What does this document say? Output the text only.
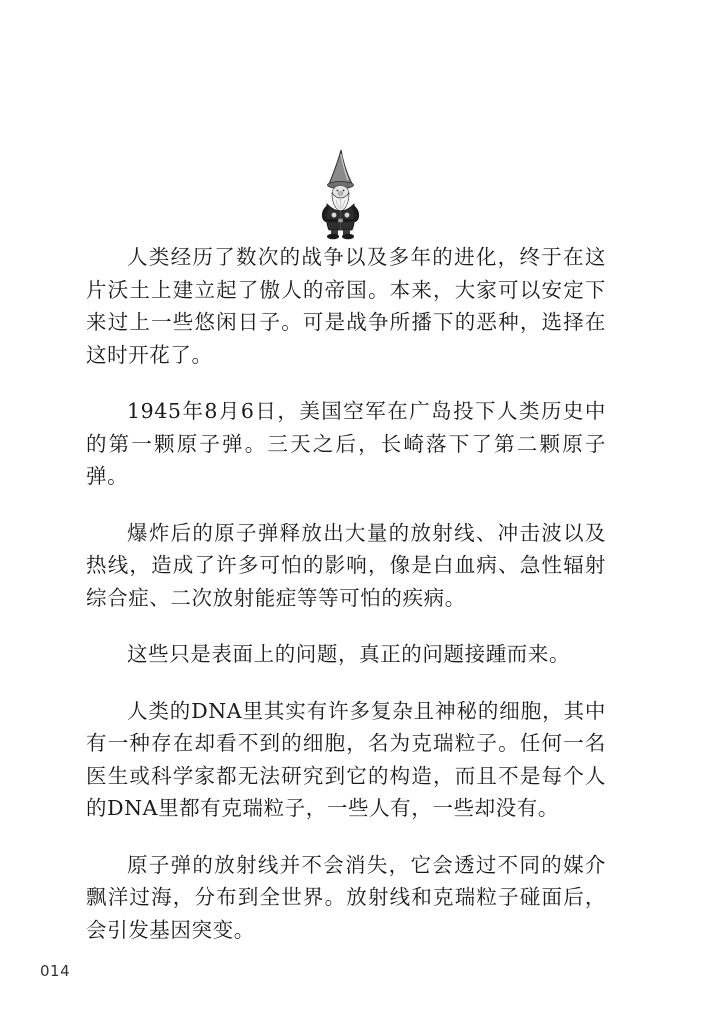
人类经历了数次的战争以及多年的进化，终于在这片沃土上建立起了傲人的帝国。本来，大家可以安定下来过上一些悠闲日子。可是战争所播下的恶种，选择在这时开花了。

1945年8月6日，美国空军在广岛投下人类历史中的第一颗原子弹。三天之后，长崎落下了第二颗原子弹。

爆炸后的原子弹释放出大量的放射线、冲击波以及热线，造成了许多可怕的影响，像是白血病、急性辐射综合症、二次放射能症等等可怕的疾病。

这些只是表面上的问题，真正的问题接踵而来。

人类的DNA里其实有许多复杂且神秘的细胞，其中有一种存在却看不到的细胞，名为克瑞粒子。任何一名医生或科学家都无法研究到它的构造，而且不是每个人的DNA里都有克瑞粒子，一些人有，一些却没有。

原子弹的放射线并不会消失，它会透过不同的媒介飘洋过海，分布到全世界。放射线和克瑞粒子碰面后，会引发基因突变。

014
